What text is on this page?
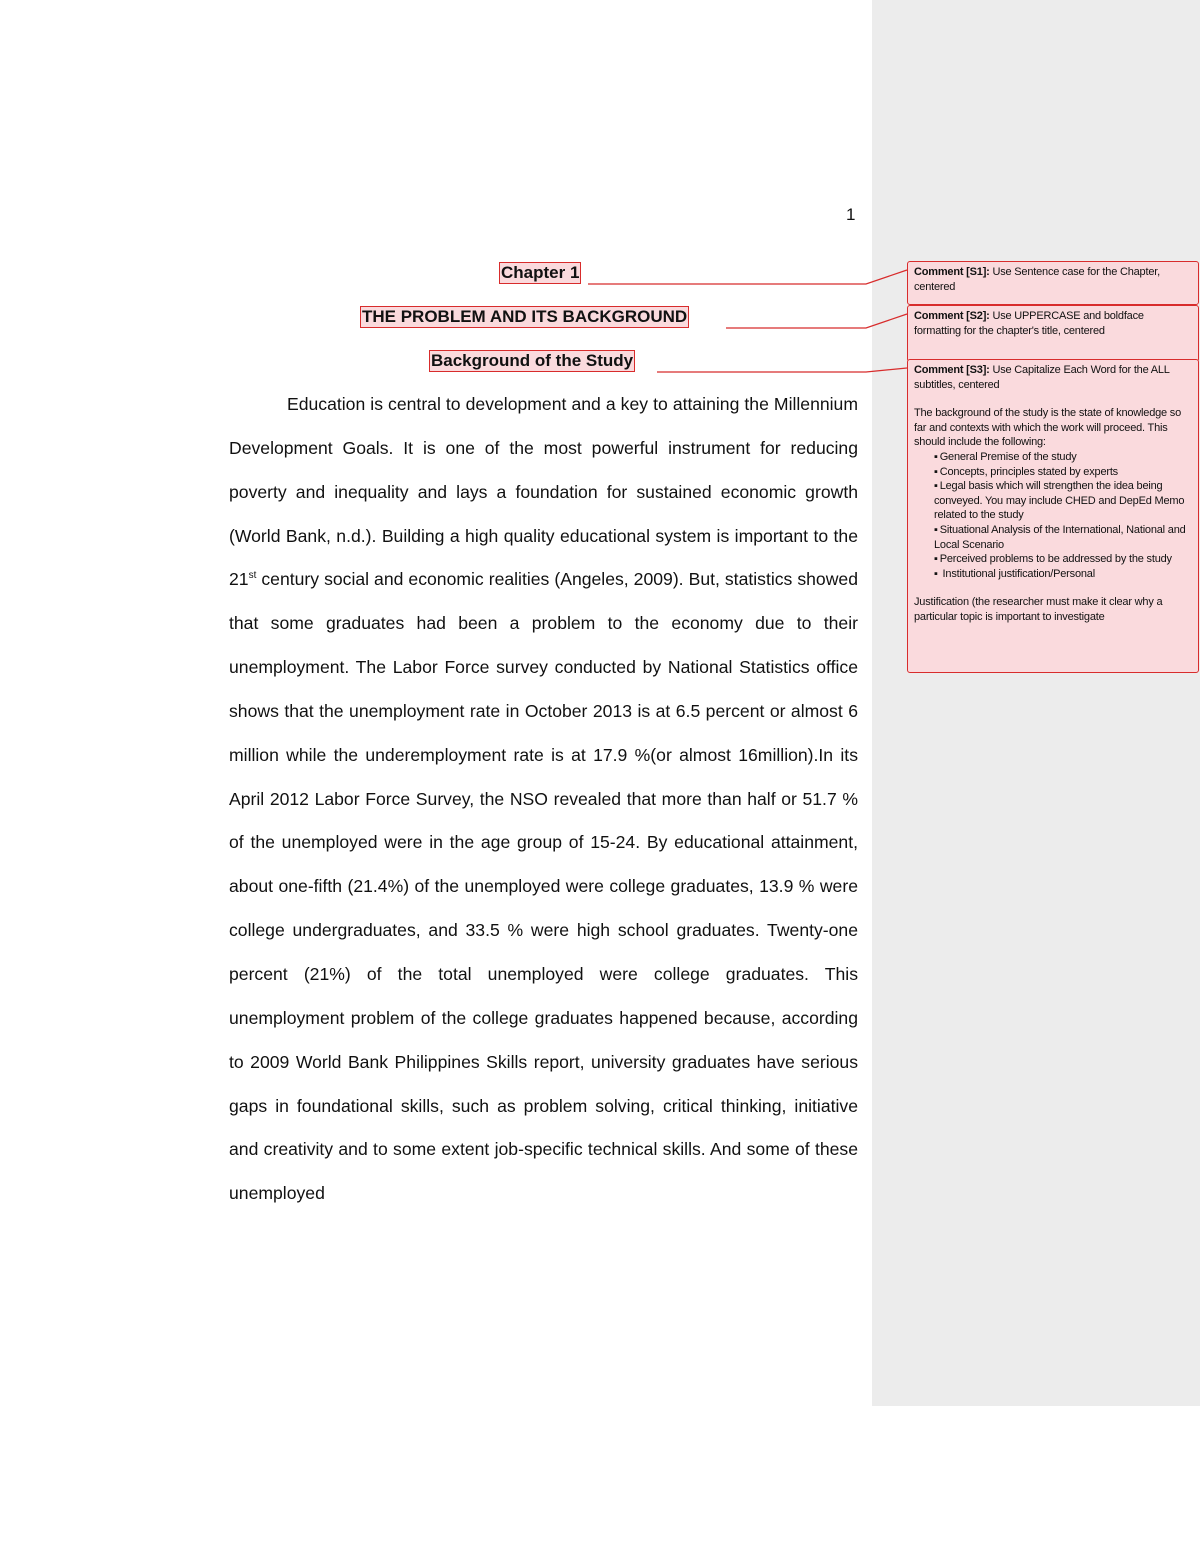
1
Chapter 1
THE PROBLEM AND ITS BACKGROUND
Background of the Study

Education is central to development and a key to attaining the Millennium Development Goals. It is one of the most powerful instrument for reducing poverty and inequality and lays a foundation for sustained economic growth (World Bank, n.d.). Building a high quality educational system is important to the 21st century social and economic realities (Angeles, 2009). But, statistics showed that some graduates had been a problem to the economy due to their unemployment. The Labor Force survey conducted by National Statistics office shows that the unemployment rate in October 2013 is at 6.5 percent or almost 6 million while the underemployment rate is at 17.9 %(or almost 16million).In its April 2012 Labor Force Survey, the NSO revealed that more than half or 51.7 % of the unemployed were in the age group of 15-24. By educational attainment, about one-fifth (21.4%) of the unemployed were college graduates, 13.9 % were college undergraduates, and 33.5 % were high school graduates. Twenty-one percent (21%) of the total unemployed were college graduates. This unemployment problem of the college graduates happened because, according to 2009 World Bank Philippines Skills report, university graduates have serious gaps in foundational skills, such as problem solving, critical thinking, initiative and creativity and to some extent job-specific technical skills. And some of these unemployed

Comment [S1]: Use Sentence case for the Chapter, centered
Comment [S2]: Use UPPERCASE and boldface formatting for the chapter's title, centered

Comment [S3]: Use Capitalize Each Word for the ALL subtitles, centered

The background of the study is the state of knowledge so far and contexts with which the work will proceed. This should include the following:

▪ General Premise of the study
▪ Concepts, principles stated by experts
▪ Legal basis which will strengthen the idea being conveyed. You may include CHED and DepEd Memo related to the study
▪ Situational Analysis of the International, National and Local Scenario
▪ Perceived problems to be addressed by the study
▪ Institutional justification/Personal

Justification (the researcher must make it clear why a particular topic is important to investigate
